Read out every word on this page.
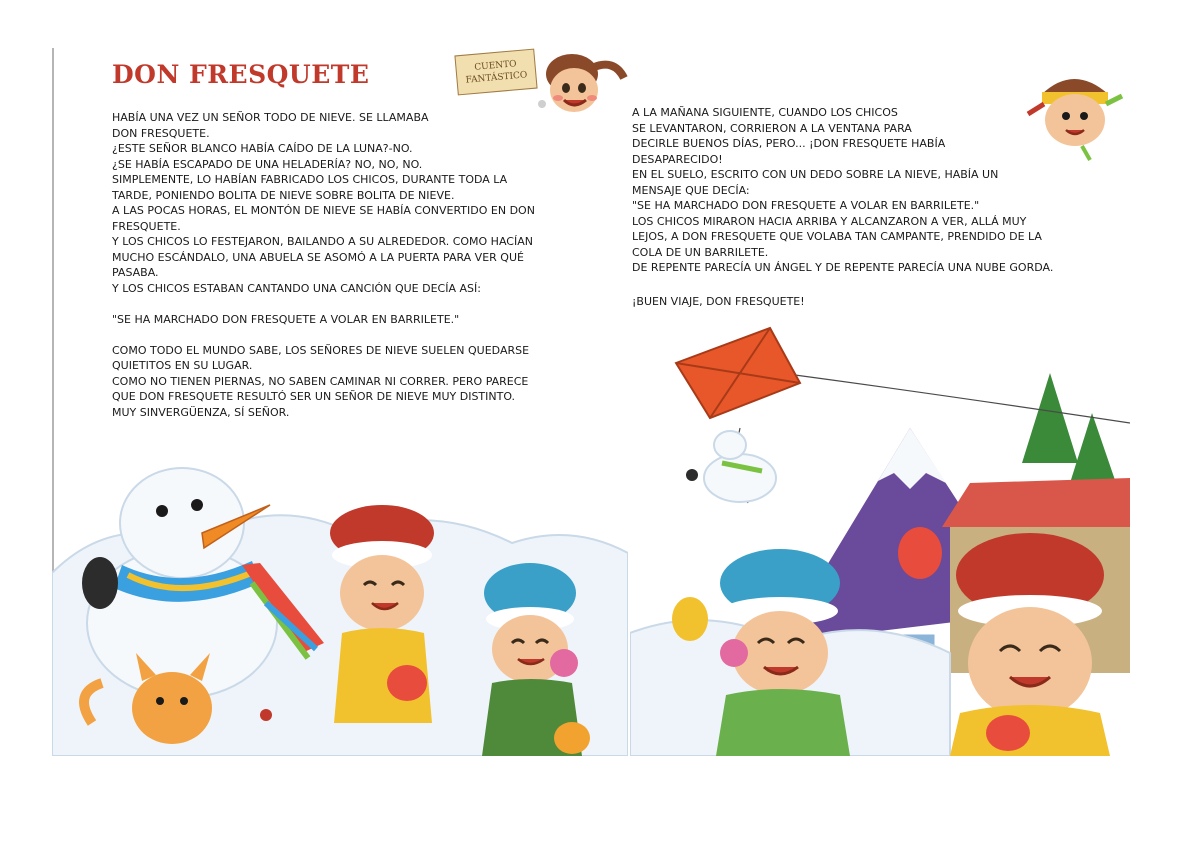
DON FRESQUETE	CUENTO
FANTÁSTICO

HABÍA UNA VEZ UN SEÑOR TODO DE NIEVE. SE LLAMABA

DON FRESQUETE.

¿ESTE SEÑOR BLANCO HABÍA CAÍDO DE LA LUNA?-NO.

¿SE HABÍA ESCAPADO DE UNA HELADERÍA? NO, NO, NO.

SIMPLEMENTE, LO HABÍAN FABRICADO LOS CHICOS, DURANTE TODA LA

TARDE, PONIENDO BOLITA DE NIEVE SOBRE BOLITA DE NIEVE.

A LAS POCAS HORAS, EL MONTÓN DE NIEVE SE HABÍA CONVERTIDO EN DON

FRESQUETE.

Y LOS CHICOS LO FESTEJARON, BAILANDO A SU ALREDEDOR. COMO HACÍAN

MUCHO ESCÁNDALO, UNA ABUELA SE ASOMÓ A LA PUERTA PARA VER QUÉ

PASABA.

Y LOS CHICOS ESTABAN CANTANDO UNA CANCIÓN QUE DECÍA ASÍ:

"SE HA MARCHADO DON FRESQUETE A VOLAR EN BARRILETE."

COMO TODO EL MUNDO SABE, LOS SEÑORES DE NIEVE SUELEN QUEDARSE

QUIETITOS EN SU LUGAR.

COMO NO TIENEN PIERNAS, NO SABEN CAMINAR NI CORRER. PERO PARECE

QUE DON FRESQUETE RESULTÓ SER UN SEÑOR DE NIEVE MUY DISTINTO.

MUY SINVERGÜENZA, SÍ SEÑOR.

A LA MAÑANA SIGUIENTE, CUANDO LOS CHICOS

SE LEVANTARON, CORRIERON A LA VENTANA PARA

DECIRLE BUENOS DÍAS, PERO... ¡DON FRESQUETE HABÍA

DESAPARECIDO!

EN EL SUELO, ESCRITO CON UN DEDO SOBRE LA NIEVE, HABÍA UN

MENSAJE QUE DECÍA:

"SE HA MARCHADO DON FRESQUETE A VOLAR EN BARRILETE."

LOS CHICOS MIRARON HACIA ARRIBA Y ALCANZARON A VER, ALLÁ MUY

LEJOS, A DON FRESQUETE QUE VOLABA TAN CAMPANTE, PRENDIDO DE LA

COLA DE UN BARRILETE.

DE REPENTE PARECÍA UN ÁNGEL Y DE REPENTE PARECÍA UNA NUBE GORDA.

¡BUEN VIAJE, DON FRESQUETE!
